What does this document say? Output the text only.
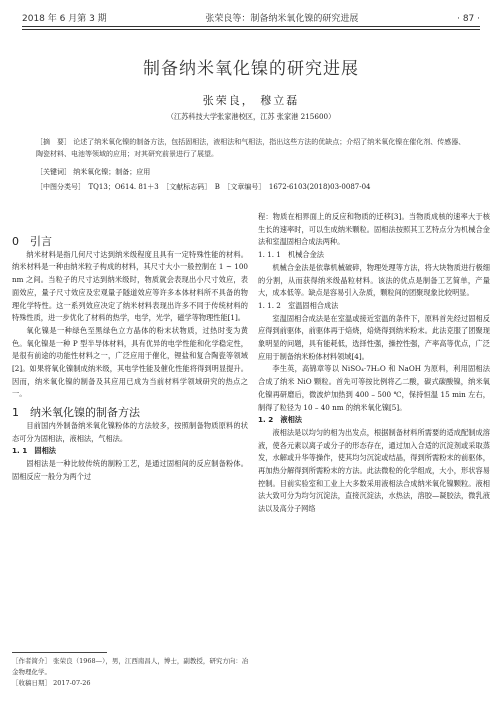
2018 年 6 月第 3 期	张荣良等：制备纳米氧化镍的研究进展	· 87 ·
制备纳米氧化镍的研究进展
张荣良， 穆立磊
（江苏科技大学张家港校区，江苏 张家港 215600）
［摘　要］ 论述了纳米氧化镍的制备方法，包括固相法，液相法和气相法，指出这些方法的优缺点；介绍了纳米氧化镍在催化剂、传感器、陶瓷材料、电池等领域的应用；对其研究前景进行了展望。
［关键词］ 纳米氧化镍；制备；应用
［中图分类号］　TQ13；O614. 81＋3　［文献标志码］　B　［文章编号］　1672-6103(2018)03-0087-04

0　引言

纳米材料是指几何尺寸达到纳米级程度且具有一定特殊性能的材料。纳米材料是一种由纳米粒子构成的材料，其尺寸大小一般控制在 1 ~ 100 nm 之间。当粒子的尺寸达到纳米级时，物质就会表现出小尺寸效应，表面效应，量子尺寸效应及宏观量子隧道效应等许多本体材料所不具备的物理化学特性。这一系列效应决定了纳米材料表现出许多不同于传统材料的特殊性质，进一步优化了材料的热学，电学，光学，磁学等物理性能[1]。

氧化镍是一种绿色至黑绿色立方晶体的粉末状物质，过热时变为黄色。氧化镍是一种 P 型半导体材料，具有优异的电学性能和化学稳定性，是很有前途的功能性材料之一，广泛应用于催化，锂盐和复合陶瓷等领域[2]。如果将氧化镍制成纳米级，其电学性能及催化性能将得到明显提升。因而，纳米氧化镍的制备及其应用已成为当前材料学领域研究的热点之一。

1　纳米氧化镍的制备方法

目前国内外制备纳米氧化镍粉体的方法较多，按照制备物质原料的状态可分为固相法，液相法，气相法。

1. 1　固相法

固相法是一种比较传统的制粉工艺，是通过固相间的反应制备粉体。固相反应一般分为两个过

［作者简介］ 张荣良（1968—），男，江西南昌人，博士，副教授，研究方向：冶金物理化学。
［收稿日期］ 2017-07-26

程：物质在相界面上的反应和物质的迁移[3]。当物质成核的速率大于核生长的速率时，可以生成纳米颗粒。固相法按照其工艺特点分为机械合金法和室温固相合成法两种。

1. 1. 1　机械合金法

机械合金法是依靠机械破碎，物理处理等方法，将大块物质进行极细的分割，从而获得纳米级晶粒材料。该法的优点是制备工艺简单，产量大，成本低等。缺点是容易引入杂质，颗粒间的团聚现象比较明显。

1. 1. 2　室温固相合成法

室温固相合成法是在室温或接近室温的条件下，原料首先经过固相反应得到前驱体，前驱体再于焙烧，焙烧得到纳米粉末。此法克服了团聚现象明显的问题，具有能耗低，选择性强，操控性强，产率高等优点，广泛应用于制备纳米粉体材料领域[4]。

李生英，高锦章等以 NiSO₄·7H₂O 和 NaOH 为原料，利用固相法合成了纳米 NiO 颗粒。首先可等按比例将乙二酸，碳式碳酸镍，纳米氧化镍再研磨后，微波炉加热到 400 – 500 ℃，保持恒温 15 min 左右，制得了粒径为 10 – 40 nm 的纳米氧化镍[5]。

1. 2　液相法

液相法是以均匀的相为出发点，根据制备材料所需要的适成配制成溶液，使各元素以离子或分子的形态存在，通过加入合适的沉淀剂或采取蒸发，水解或升华等操作，使其均匀沉淀或结晶，得到所需粉末的前驱体，再加热分解得到所需粉末的方法。此法微粒的化学组成，大小，形状容易控制。目前实验室和工业上大多数采用液相法合成纳米氧化镍颗粒。液相法大致可分为均匀沉淀法，直接沉淀法，水热法，溶胶—凝胶法，微乳液法以及高分子网络
